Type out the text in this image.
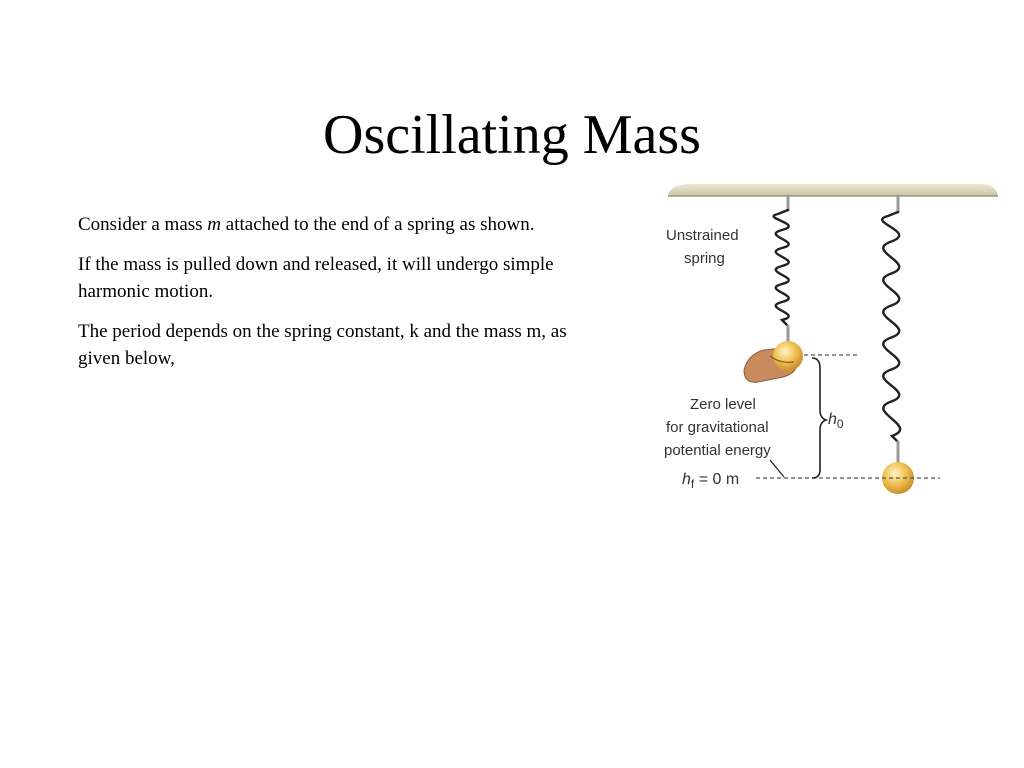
Oscillating Mass

Consider a mass m attached to the end of a spring as shown.

If the mass is pulled down and released, it will undergo simple harmonic motion.

The period depends on the spring constant, k and the mass m, as given below,

Unstrained
spring
Zero level
for gravitational
potential energy
$h_0$
$h_f = 0$ m
